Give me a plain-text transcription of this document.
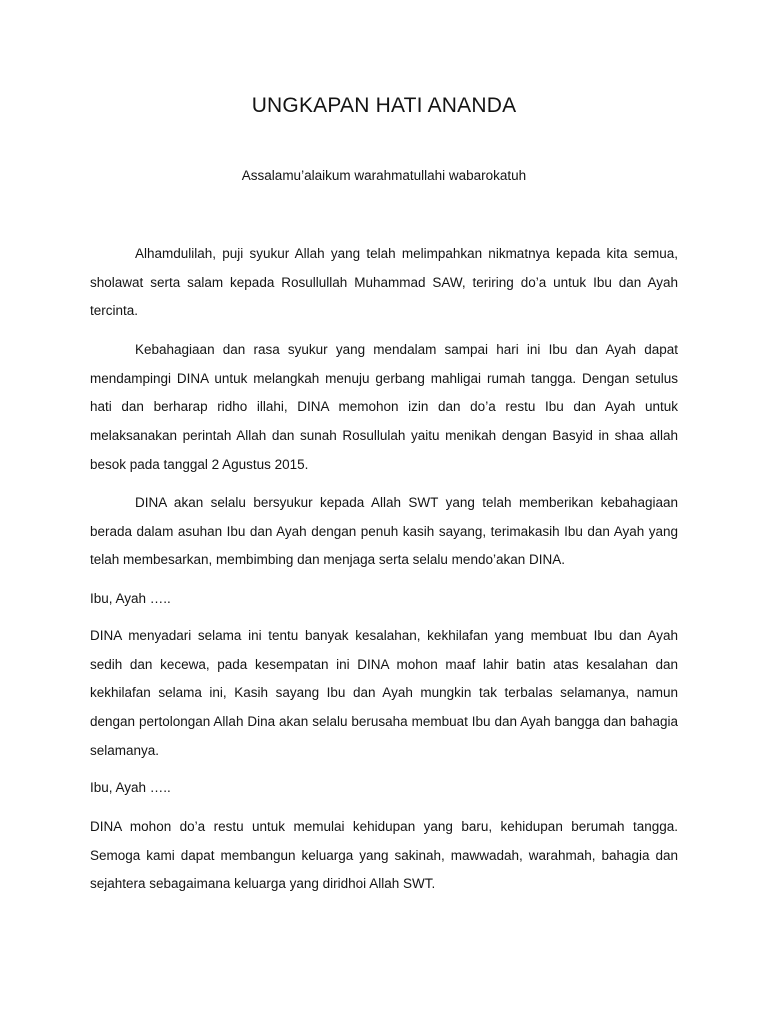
UNGKAPAN HATI ANANDA

Assalamu’alaikum warahmatullahi wabarokatuh

Alhamdulilah, puji syukur Allah yang telah melimpahkan nikmatnya kepada kita semua, sholawat serta salam kepada Rosullullah Muhammad SAW, teriring do’a untuk Ibu dan Ayah tercinta.

Kebahagiaan dan rasa syukur yang mendalam sampai hari ini Ibu dan Ayah dapat mendampingi DINA untuk melangkah menuju gerbang mahligai rumah tangga. Dengan setulus hati dan berharap ridho illahi, DINA memohon izin dan do’a restu Ibu dan Ayah untuk melaksanakan perintah Allah dan sunah Rosullulah yaitu menikah dengan Basyid in shaa allah besok pada tanggal 2 Agustus 2015.

DINA akan selalu bersyukur kepada Allah SWT yang telah memberikan kebahagiaan berada dalam asuhan Ibu dan Ayah dengan penuh kasih sayang, terimakasih Ibu dan Ayah yang telah membesarkan, membimbing dan menjaga serta selalu mendo’akan DINA.

Ibu, Ayah …..

DINA menyadari selama ini tentu banyak kesalahan, kekhilafan yang membuat Ibu dan Ayah sedih dan kecewa, pada kesempatan ini DINA mohon maaf lahir batin atas kesalahan dan kekhilafan selama ini, Kasih sayang Ibu dan Ayah mungkin tak terbalas selamanya, namun dengan pertolongan Allah Dina akan selalu berusaha membuat Ibu dan Ayah bangga dan bahagia selamanya.

Ibu, Ayah …..

DINA mohon do’a restu untuk memulai kehidupan yang baru, kehidupan berumah tangga. Semoga kami dapat membangun keluarga yang sakinah, mawwadah, warahmah, bahagia dan sejahtera sebagaimana keluarga yang diridhoi Allah SWT.
